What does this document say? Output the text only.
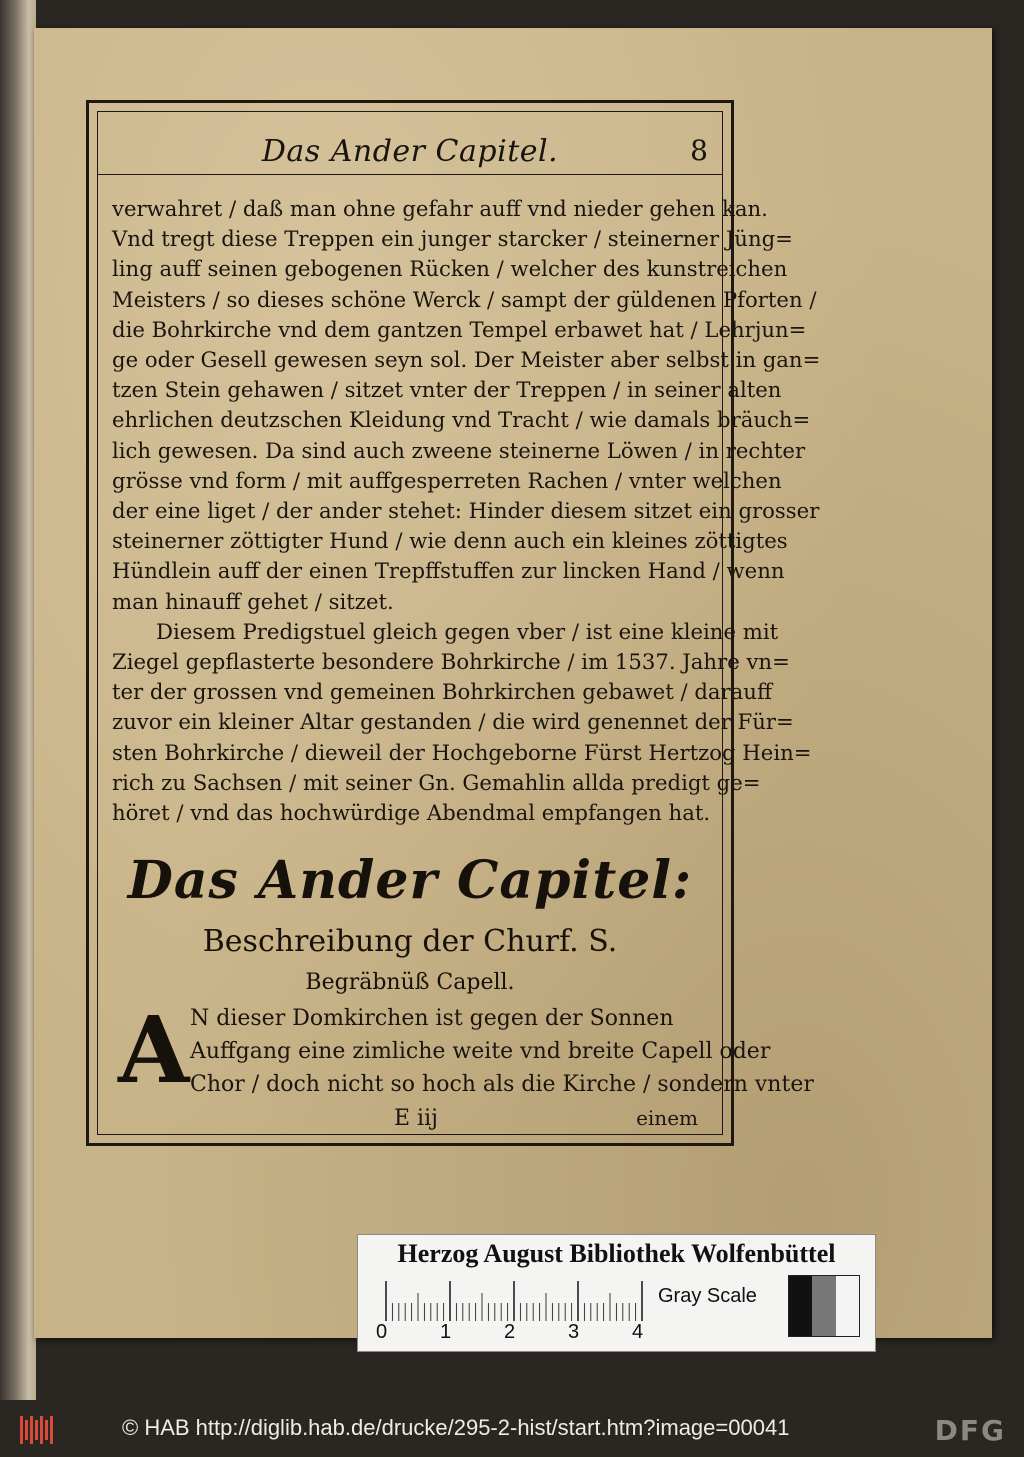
Das Ander Capitel.	8
verwahret / daß man ohne gefahr auff vnd nieder gehen kan.
Vnd tregt diese Treppen ein junger starcker / steinerner Jüng=
ling auff seinen gebogenen Rücken / welcher des kunstreichen
Meisters / so dieses schöne Werck / sampt der güldenen Pforten /
die Bohrkirche vnd dem gantzen Tempel erbawet hat / Lehrjun=
ge oder Gesell gewesen seyn sol. Der Meister aber selbst in gan=
tzen Stein gehawen / sitzet vnter der Treppen / in seiner alten
ehrlichen deutzschen Kleidung vnd Tracht / wie damals bräuch=
lich gewesen. Da sind auch zweene steinerne Löwen / in rechter
grösse vnd form / mit auffgesperreten Rachen / vnter welchen
der eine liget / der ander stehet: Hinder diesem sitzet ein grosser
steinerner zöttigter Hund / wie denn auch ein kleines zöttigtes
Hündlein auff der einen Trepffstuffen zur lincken Hand / wenn
man hinauff gehet / sitzet.
Diesem Predigstuel gleich gegen vber / ist eine kleine mit
Ziegel gepflasterte besondere Bohrkirche / im 1537. Jahre vn=
ter der grossen vnd gemeinen Bohrkirchen gebawet / darauff
zuvor ein kleiner Altar gestanden / die wird genennet der Für=
sten Bohrkirche / dieweil der Hochgeborne Fürst Hertzog Hein=
rich zu Sachsen / mit seiner Gn. Gemahlin allda predigt ge=
höret / vnd das hochwürdige Abendmal empfangen hat.
Das Ander Capitel:
Beschreibung der Churf. S.
Begräbnüß Capell.
A N dieser Domkirchen ist gegen der Sonnen
Auffgang eine zimliche weite vnd breite Capell oder
Chor / doch nicht so hoch als die Kirche / sondern vnter
E iij	einem
Herzog August Bibliothek Wolfenbüttel
0	1	2	3	4
Gray Scale
© HAB http://diglib.hab.de/drucke/295-2-hist/start.htm?image=00041	DFG
